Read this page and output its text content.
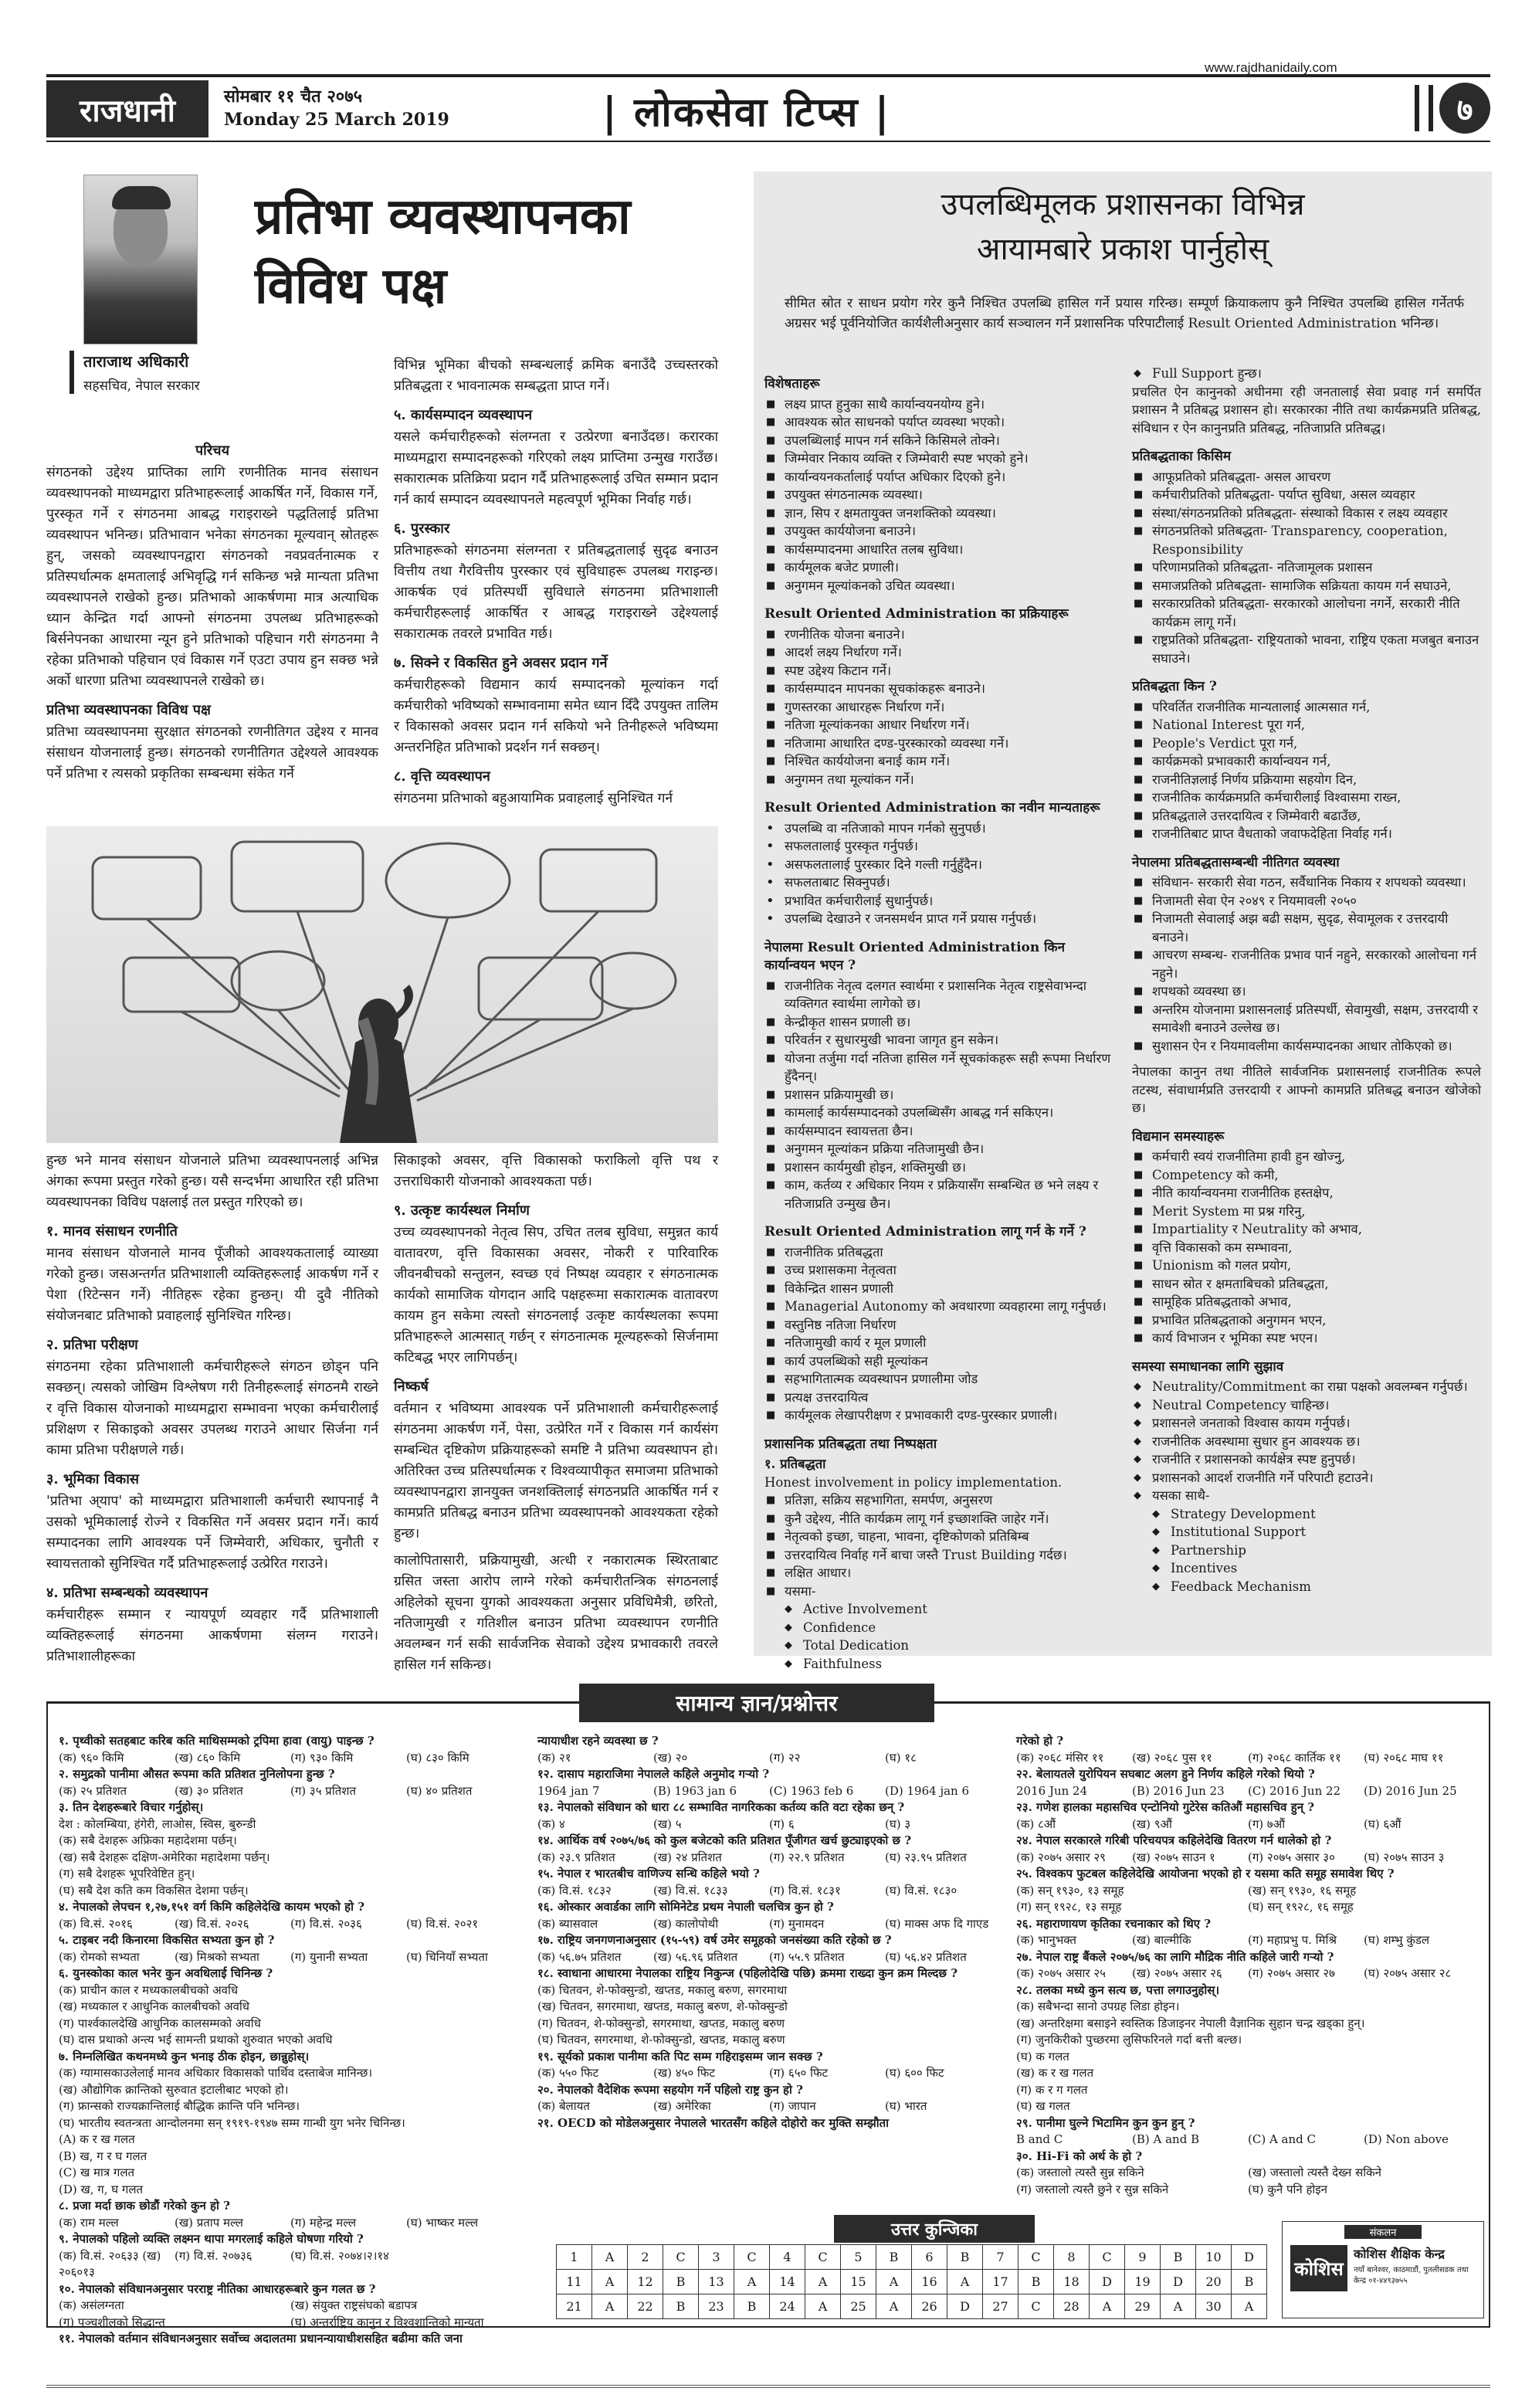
www.rajdhanidaily.com
राजधानी	सोमबार ११ चैत २०७५
Monday 25 March 2019	| लोकसेवा टिप्स |	७
प्रतिभा व्यवस्थापनका
विविध पक्ष
ताराजाथ अधिकारी
सहसचिव, नेपाल सरकार
परिचय

संगठनको उद्देश्य प्राप्तिका लागि रणनीतिक मानव संसाधन व्यवस्थापनको माध्यमद्वारा प्रतिभाहरूलाई आकर्षित गर्ने, विकास गर्ने, पुरस्कृत गर्ने र संगठनमा आबद्ध गराइराख्ने पद्धतिलाई प्रतिभा व्यवस्थापन भनिन्छ। प्रतिभावान भनेका संगठनका मूल्यवान् स्रोतहरू हुन्, जसको व्यवस्थापनद्वारा संगठनको नवप्रवर्तनात्मक र प्रतिस्पर्धात्मक क्षमतालाई अभिवृद्धि गर्न सकिन्छ भन्ने मान्यता प्रतिभा व्यवस्थापनले राखेको हुन्छ। प्रतिभाको आकर्षणमा मात्र अत्याधिक ध्यान केन्द्रित गर्दा आफ्नो संगठनमा उपलब्ध प्रतिभाहरूको बिर्सनेपनका आधारमा न्यून हुने प्रतिभाको पहिचान गरी संगठनमा नै रहेका प्रतिभाको पहिचान एवं विकास गर्ने एउटा उपाय हुन सक्छ भन्ने अर्को धारणा प्रतिभा व्यवस्थापनले राखेको छ।

प्रतिभा व्यवस्थापनका विविध पक्ष

प्रतिभा व्यवस्थापनमा सुरक्षात संगठनको रणनीतिगत उद्देश्य र मानव संसाधन योजनालाई हुन्छ। संगठनको रणनीतिगत उद्देश्यले आवश्यक पर्ने प्रतिभा र त्यसको प्रकृतिका सम्बन्धमा संकेत गर्ने

विभिन्न भूमिका बीचको सम्बन्धलाई क्रमिक बनाउँदै उच्चस्तरको प्रतिबद्धता र भावनात्मक सम्बद्धता प्राप्त गर्ने।

५. कार्यसम्पादन व्यवस्थापन

यसले कर्मचारीहरूको संलग्नता र उत्प्रेरणा बनाउँदछ। करारका माध्यमद्वारा सम्पादनहरूको गरिएको लक्ष्य प्राप्तिमा उन्मुख गराउँछ। सकारात्मक प्रतिक्रिया प्रदान गर्दै प्रतिभाहरूलाई उचित सम्मान प्रदान गर्न कार्य सम्पादन व्यवस्थापनले महत्वपूर्ण भूमिका निर्वाह गर्छ।

६. पुरस्कार

प्रतिभाहरूको संगठनमा संलग्नता र प्रतिबद्धतालाई सुदृढ बनाउन वित्तीय तथा गैरवित्तीय पुरस्कार एवं सुविधाहरू उपलब्ध गराइन्छ। आकर्षक एवं प्रतिस्पर्धी सुविधाले संगठनमा प्रतिभाशाली कर्मचारीहरूलाई आकर्षित र आबद्ध गराइराख्ने उद्देश्यलाई सकारात्मक तवरले प्रभावित गर्छ।

७. सिक्ने र विकसित हुने अवसर प्रदान गर्ने

कर्मचारीहरूको विद्यमान कार्य सम्पादनको मूल्यांकन गर्दा कर्मचारीको भविष्यको सम्भावनामा समेत ध्यान दिँदै उपयुक्त तालिम र विकासको अवसर प्रदान गर्न सकियो भने तिनीहरूले भविष्यमा अन्तरनिहित प्रतिभाको प्रदर्शन गर्न सक्छन्।

८. वृत्ति व्यवस्थापन

संगठनमा प्रतिभाको बहुआयामिक प्रवाहलाई सुनिश्चित गर्न

हुन्छ भने मानव संसाधन योजनाले प्रतिभा व्यवस्थापनलाई अभिन्न अंगका रूपमा प्रस्तुत गरेको हुन्छ। यसै सन्दर्भमा आधारित रही प्रतिभा व्यवस्थापनका विविध पक्षलाई तल प्रस्तुत गरिएको छ।

१. मानव संसाधन रणनीति

मानव संसाधन योजनाले मानव पूँजीको आवश्यकतालाई व्याख्या गरेको हुन्छ। जसअन्तर्गत प्रतिभाशाली व्यक्तिहरूलाई आकर्षण गर्ने र पेशा (रिटेन्सन गर्ने) नीतिहरू रहेका हुन्छन्। यी दुवै नीतिको संयोजनबाट प्रतिभाको प्रवाहलाई सुनिश्चित गरिन्छ।

२. प्रतिभा परीक्षण

संगठनमा रहेका प्रतिभाशाली कर्मचारीहरूले संगठन छोड्न पनि सक्छन्। त्यसको जोखिम विश्लेषण गरी तिनीहरूलाई संगठनमै राख्ने र वृत्ति विकास योजनाको माध्यमद्वारा सम्भावना भएका कर्मचारीलाई प्रशिक्षण र सिकाइको अवसर उपलब्ध गराउने आधार सिर्जना गर्न कामा प्रतिभा परीक्षणले गर्छ।

३. भूमिका विकास

'प्रतिभा अ्याप' को माध्यमद्वारा प्रतिभाशाली कर्मचारी स्थापनाई नै उसको भूमिकालाई रोज्ने र विकसित गर्ने अवसर प्रदान गर्ने। कार्य सम्पादनका लागि आवश्यक पर्ने जिम्मेवारी, अधिकार, चुनौती र स्वायत्तताको सुनिश्चित गर्दै प्रतिभाहरूलाई उत्प्रेरित गराउने।

४. प्रतिभा सम्बन्धको व्यवस्थापन

कर्मचारीहरू सम्मान र न्यायपूर्ण व्यवहार गर्दै प्रतिभाशाली व्यक्तिहरूलाई संगठनमा आकर्षणमा संलग्न गराउने। प्रतिभाशालीहरूका

सिकाइको अवसर, वृत्ति विकासको फराकिलो वृत्ति पथ र उत्तराधिकारी योजनाको आवश्यकता पर्छ।

९. उत्कृष्ट कार्यस्थल निर्माण

उच्च व्यवस्थापनको नेतृत्व सिप, उचित तलब सुविधा, समुन्नत कार्य वातावरण, वृत्ति विकासका अवसर, नोकरी र पारिवारिक जीवनबीचको सन्तुलन, स्वच्छ एवं निष्पक्ष व्यवहार र संगठनात्मक कार्यको सामाजिक योगदान आदि पक्षहरूमा सकारात्मक वातावरण कायम हुन सकेमा त्यस्तो संगठनलाई उत्कृष्ट कार्यस्थलका रूपमा प्रतिभाहरूले आत्मसात् गर्छन् र संगठनात्मक मूल्यहरूको सिर्जनामा कटिबद्ध भएर लागिपर्छन्।

निष्कर्ष

वर्तमान र भविष्यमा आवश्यक पर्ने प्रतिभाशाली कर्मचारीहरूलाई संगठनमा आकर्षण गर्ने, पेसा, उत्प्रेरित गर्ने र विकास गर्न कार्यसंग सम्बन्धित दृष्टिकोण प्रक्रियाहरूको समष्टि नै प्रतिभा व्यवस्थापन हो। अतिरिक्त उच्च प्रतिस्पर्धात्मक र विश्वव्यापीकृत समाजमा प्रतिभाको व्यवस्थापनद्वारा ज्ञानयुक्त जनशक्तिलाई संगठनप्रति आकर्षित गर्न र कामप्रति प्रतिबद्ध बनाउन प्रतिभा व्यवस्थापनको आवश्यकता रहेको हुन्छ।

कालोपितासारी, प्रक्रियामुखी, अत्धी र नकारात्मक स्थिरताबाट ग्रसित जस्ता आरोप लाग्ने गरेको कर्मचारीतन्त्रिक संगठनलाई अहिलेको सूचना युगको आवश्यकता अनुसार प्रविधिमैत्री, छरितो, नतिजामुखी र गतिशील बनाउन प्रतिभा व्यवस्थापन रणनीति अवलम्बन गर्न सकी सार्वजनिक सेवाको उद्देश्य प्रभावकारी तवरले हासिल गर्न सकिन्छ।

उपलब्धिमूलक प्रशासनका विभिन्न
आयामबारे प्रकाश पार्नुहोस्
सीमित स्रोत र साधन प्रयोग गरेर कुनै निश्चित उपलब्धि हासिल गर्ने प्रयास गरिन्छ। सम्पूर्ण क्रियाकलाप कुनै निश्चित उपलब्धि हासिल गर्नेतर्फ अग्रसर भई पूर्वनियोजित कार्यशैलीअनुसार कार्य सञ्चालन गर्ने प्रशासनिक परिपाटीलाई Result Oriented Administration भनिन्छ।
विशेषताहरू
■ लक्ष्य प्राप्त हुनुका साथै कार्यान्वयनयोग्य हुने।
■ आवश्यक स्रोत साधनको पर्याप्त व्यवस्था भएको।
■ उपलब्धिलाई मापन गर्न सकिने किसिमले तोक्ने।
■ जिम्मेवार निकाय व्यक्ति र जिम्मेवारी स्पष्ट भएको हुने।
■ कार्यान्वयनकर्तालाई पर्याप्त अधिकार दिएको हुने।
■ उपयुक्त संगठनात्मक व्यवस्था।
■ ज्ञान, सिप र क्षमतायुक्त जनशक्तिको व्यवस्था।
■ उपयुक्त कार्ययोजना बनाउने।
■ कार्यसम्पादनमा आधारित तलब सुविधा।
■ कार्यमूलक बजेट प्रणाली।
■ अनुगमन मूल्यांकनको उचित व्यवस्था।
Result Oriented Administration का प्रक्रियाहरू
■ रणनीतिक योजना बनाउने।
■ आदर्श लक्ष्य निर्धारण गर्ने।
■ स्पष्ट उद्देश्य किटान गर्ने।
■ कार्यसम्पादन मापनका सूचकांकहरू बनाउने।
■ गुणस्तरका आधारहरू निर्धारण गर्ने।
■ नतिजा मूल्यांकनका आधार निर्धारण गर्ने।
■ नतिजामा आधारित दण्ड-पुरस्कारको व्यवस्था गर्ने।
■ निश्चित कार्ययोजना बनाई काम गर्ने।
■ अनुगमन तथा मूल्यांकन गर्ने।
Result Oriented Administration का नवीन मान्यताहरू
• उपलब्धि वा नतिजाको मापन गर्नको सुनुपर्छ।
• सफलतालाई पुरस्कृत गर्नुपर्छ।
• असफलतालाई पुरस्कार दिने गल्ती गर्नुहुँदैन।
• सफलताबाट सिक्नुपर्छ।
• प्रभावित कर्मचारीलाई सुधार्नुपर्छ।
• उपलब्धि देखाउने र जनसमर्थन प्राप्त गर्ने प्रयास गर्नुपर्छ।
नेपालमा Result Oriented Administration किन कार्यान्वयन भएन ?
■ राजनीतिक नेतृत्व दलगत स्वार्थमा र प्रशासनिक नेतृत्व राष्ट्रसेवाभन्दा व्यक्तिगत स्वार्थमा लागेको छ।
■ केन्द्रीकृत शासन प्रणाली छ।
■ परिवर्तन र सुधारमुखी भावना जागृत हुन सकेन।
■ योजना तर्जुमा गर्दा नतिजा हासिल गर्ने सूचकांकहरू सही रूपमा निर्धारण हुँदैनन्।
■ प्रशासन प्रक्रियामुखी छ।
■ कामलाई कार्यसम्पादनको उपलब्धिसँग आबद्ध गर्न सकिएन।
■ कार्यसम्पादन स्वायत्तता छैन।
■ अनुगमन मूल्यांकन प्रक्रिया नतिजामुखी छैन।
■ प्रशासन कार्यमुखी होइन, शक्तिमुखी छ।
■ काम, कर्तव्य र अधिकार नियम र प्रक्रियासँग सम्बन्धित छ भने लक्ष्य र नतिजाप्रति उन्मुख छैन।
Result Oriented Administration लागू गर्न के गर्ने ?
■ राजनीतिक प्रतिबद्धता
■ उच्च प्रशासकमा नेतृत्वता
■ विकेन्द्रित शासन प्रणाली
■ Managerial Autonomy को अवधारणा व्यवहारमा लागू गर्नुपर्छ।
■ वस्तुनिष्ठ नतिजा निर्धारण
■ नतिजामुखी कार्य र मूल प्रणाली
■ कार्य उपलब्धिको सही मूल्यांकन
■ सहभागितात्मक व्यवस्थापन प्रणालीमा जोड
■ प्रत्यक्ष उत्तरदायित्व
■ कार्यमूलक लेखापरीक्षण र प्रभावकारी दण्ड-पुरस्कार प्रणाली।
प्रशासनिक प्रतिबद्धता तथा निष्पक्षता
१. प्रतिबद्धता
Honest involvement in policy implementation.
■ प्रतिज्ञा, सक्रिय सहभागिता, समर्पण, अनुसरण
■ कुनै उद्देश्य, नीति कार्यक्रम लागू गर्न इच्छाशक्ति जाहेर गर्ने।
■ नेतृत्वको इच्छा, चाहना, भावना, दृष्टिकोणको प्रतिबिम्ब
■ उत्तरदायित्व निर्वाह गर्ने बाचा जस्तै Trust Building गर्दछ।
■ लक्षित आधार।
■ यसमा-
◆ Active Involvement
◆ Confidence
◆ Total Dedication
◆ Faithfulness
◆ Full Support हुन्छ।
प्रचलित ऐन कानुनको अधीनमा रही जनतालाई सेवा प्रवाह गर्न समर्पित प्रशासन नै प्रतिबद्ध प्रशासन हो। सरकारका नीति तथा कार्यक्रमप्रति प्रतिबद्ध, संविधान र ऐन कानुनप्रति प्रतिबद्ध, नतिजाप्रति प्रतिबद्ध।
प्रतिबद्धताका किसिम
■ आफूप्रतिको प्रतिबद्धता- असल आचरण
■ कर्मचारीप्रतिको प्रतिबद्धता- पर्याप्त सुविधा, असल व्यवहार
■ संस्था/संगठनप्रतिको प्रतिबद्धता- संस्थाको विकास र लक्ष्य व्यवहार
■ संगठनप्रतिको प्रतिबद्धता- Transparency, cooperation, Responsibility
■ परिणामप्रतिको प्रतिबद्धता- नतिजामूलक प्रशासन
■ समाजप्रतिको प्रतिबद्धता- सामाजिक सक्रियता कायम गर्न सघाउने,
■ सरकारप्रतिको प्रतिबद्धता- सरकारको आलोचना नगर्ने, सरकारी नीति कार्यक्रम लागू गर्ने।
■ राष्ट्रप्रतिको प्रतिबद्धता- राष्ट्रियताको भावना, राष्ट्रिय एकता मजबुत बनाउन सघाउने।
प्रतिबद्धता किन ?
■ परिवर्तित राजनीतिक मान्यतालाई आत्मसात गर्न,
■ National Interest पूरा गर्न,
■ People's Verdict पूरा गर्न,
■ कार्यक्रमको प्रभावकारी कार्यान्वयन गर्न,
■ राजनीतिज्ञलाई निर्णय प्रक्रियामा सहयोग दिन,
■ राजनीतिक कार्यक्रमप्रति कर्मचारीलाई विश्वासमा राख्न,
■ प्रतिबद्धताले उत्तरदायित्व र जिम्मेवारी बढाउँछ,
■ राजनीतिबाट प्राप्त वैधताको जवाफदेहिता निर्वाह गर्न।
नेपालमा प्रतिबद्धतासम्बन्धी नीतिगत व्यवस्था
■ संविधान- सरकारी सेवा गठन, सर्वैधानिक निकाय र शपथको व्यवस्था।
■ निजामती सेवा ऐन २०४९ र नियमावली २०५०
■ निजामती सेवालाई अझ बढी सक्षम, सुदृढ, सेवामूलक र उत्तरदायी बनाउने।
■ आचरण सम्बन्ध- राजनीतिक प्रभाव पार्न नहुने, सरकारको आलोचना गर्न नहुने।
■ शपथको व्यवस्था छ।
■ अन्तरिम योजनामा प्रशासनलाई प्रतिस्पर्धी, सेवामुखी, सक्षम, उत्तरदायी र समावेशी बनाउने उल्लेख छ।
■ सुशासन ऐन र नियमावलीमा कार्यसम्पादनका आधार तोकिएको छ।
नेपालका कानुन तथा नीतिले सार्वजनिक प्रशासनलाई राजनीतिक रूपले तटस्थ, संवाधार्मप्रति उत्तरदायी र आफ्नो कामप्रति प्रतिबद्ध बनाउन खोजेको छ।
विद्यमान समस्याहरू
■ कर्मचारी स्वयं राजनीतिमा हावी हुन खोज्नु,
■ Competency को कमी,
■ नीति कार्यान्वयनमा राजनीतिक हस्तक्षेप,
■ Merit System मा प्रश्न गरिनु,
■ Impartiality र Neutrality को अभाव,
■ वृत्ति विकासको कम सम्भावना,
■ Unionism को गलत प्रयोग,
■ साधन स्रोत र क्षमताबिचको प्रतिबद्धता,
■ सामूहिक प्रतिबद्धताको अभाव,
■ प्रभावित प्रतिबद्धताको अनुगमन भएन,
■ कार्य विभाजन र भूमिका स्पष्ट भएन।
समस्या समाधानका लागि सुझाव
◆ Neutrality/Commitment का राम्रा पक्षको अवलम्बन गर्नुपर्छ।
◆ Neutral Competency चाहिन्छ।
◆ प्रशासनले जनताको विश्वास कायम गर्नुपर्छ।
◆ राजनीतिक अवस्थामा सुधार हुन आवश्यक छ।
◆ राजनीति र प्रशासनको कार्यक्षेत्र स्पष्ट हुनुपर्छ।
◆ प्रशासनको आदर्श राजनीति गर्ने परिपाटी हटाउने।
◆ यसका साथै-
◆ Strategy Development
◆ Institutional Support
◆ Partnership
◆ Incentives
◆ Feedback Mechanism
सामान्य ज्ञान/प्रश्नोत्तर
१. पृथ्वीको सतहबाट करिब कति माथिसम्मको ट्रपिमा हावा (वायु) पाइन्छ ?
(क) ९६० किमि	(ख) ८६० किमि	(ग) ९३० किमि	(घ) ८३० किमि
२. समुद्रको पानीमा औसत रूपमा कति प्रतिशत नुनिलोपना हुन्छ ?
(क) २५ प्रतिशत	(ख) ३० प्रतिशत	(ग) ३५ प्रतिशत	(घ) ४० प्रतिशत
३. तिन देशहरूबारे विचार गर्नुहोस्।
देश : कोलम्बिया, हंगेरी, लाओस, स्विस, बुरुन्डी
(क) सबै देशहरू अफ्रिका महादेशमा पर्छन्।
(ख) सबै देशहरू दक्षिण-अमेरिका महादेशमा पर्छन्।
(ग) सबै देशहरू भूपरिवेष्टित हुन्।
(घ) सबै देश कति कम विकसित देशमा पर्छन्।
४. नेपालको लेपचन १,२७,१५१ वर्ग किमि कहिलेदेखि कायम भएको हो ?
(क) वि.सं. २०१६	(ख) वि.सं. २०२६	(ग) वि.सं. २०३६	(घ) वि.सं. २०२१
५. टाइबर नदी किनारमा विकसित सभ्यता कुन हो ?
(क) रोमको सभ्यता	(ख) मिश्रको सभ्यता	(ग) युनानी सभ्यता	(घ) चिनियाँ सभ्यता
६. युनस्कोका काल भनेर कुन अवधिलाई चिनिन्छ ?
(क) प्राचीन काल र मध्यकालबीचको अवधि
(ख) मध्यकाल र आधुनिक कालबीचको अवधि
(ग) पार्श्वकालदेखि आधुनिक कालसम्मको अवधि
(घ) दास प्रथाको अन्त्य भई सामन्ती प्रथाको शुरुवात भएको अवधि
७. निम्नलिखित कथनमध्ये कुन भनाइ ठीक होइन, छान्नुहोस्।
(क) ग्यामासकाउलेलाई मानव अधिकार विकासको पार्थिव दस्ताबेज मानिन्छ।
(ख) औद्योगिक क्रान्तिको सुरुवात इटालीबाट भएको हो।
(ग) फ्रान्सको राज्यक्रान्तिलाई बौद्धिक क्रान्ति पनि भनिन्छ।
(घ) भारतीय स्वतन्त्रता आन्दोलनमा सन् १९१९-१९४७ सम्म गान्धी युग भनेर चिनिन्छ।
(A) क र ख गलत
(B) ख, ग र घ गलत
(C) ख मात्र गलत
(D) ख, ग, घ गलत
८. प्रजा मर्दा छाक छोडौं गरेको कुन हो ?
(क) राम मल्ल	(ख) प्रताप मल्ल	(ग) महेन्द्र मल्ल	(घ) भाष्कर मल्ल
९. नेपालको पहिलो व्यक्ति लक्ष्मन थापा मगरलाई कहिले घोषणा गरियो ?
(क) वि.सं. २०६३३ (ख) २०६०१३
(ग) वि.सं. २०७३६	(घ) वि.सं. २०७४।२।१४
१०. नेपालको संविधानअनुसार परराष्ट्र नीतिका आधारहरूबारे कुन गलत छ ?
(क) असंलग्नता	(ख) संयुक्त राष्ट्रसंघको बडापत्र
(ग) पञ्चशीलको सिद्धान्त	(घ) अन्तर्राष्ट्रिय कानुन र विश्वशान्तिको मान्यता
११. नेपालको वर्तमान संविधानअनुसार सर्वोच्च अदालतमा प्रधानन्यायाधीशसहित बढीमा कति जना
न्यायाधीश रहने व्यवस्था छ ?
(क) २१	(ख) २०	(ग) २२	(घ) १८
१२. दासाप महाराजिमा नेपालले कहिले अनुमोद गर्‍यो ?
1964 jan 7	(B) 1963 jan 6	(C) 1963 feb 6	(D) 1964 jan 6
१३. नेपालको संविधान को धारा ८८ सम्भावित नागरिकका कर्तव्य कति वटा रहेका छन् ?
(क) ४	(ख) ५	(ग) ६	(घ) ३
१४. आर्थिक वर्ष २०७५/७६ को कुल बजेटको कति प्रतिशत पूँजीगत खर्च छुट्याइएको छ ?
(क) २३.९ प्रतिशत	(ख) २४ प्रतिशत	(ग) २२.९ प्रतिशत	(घ) २३.९५ प्रतिशत
१५. नेपाल र भारतबीच वाणिज्य सन्धि कहिले भयो ?
(क) वि.सं. १८३२	(ख) वि.सं. १८३३	(ग) वि.सं. १८३१	(घ) वि.सं. १८३०
१६. ओस्कार अवार्डका लागि सोमिनेटेड प्रथम नेपाली चलचित्र कुन हो ?
(क) ब्यासवाल	(ख) कालोपोथी	(ग) मुनामदन	(घ) माक्स अफ दि गाएड
१७. राष्ट्रिय जनगणनाअनुसार (१५-५९) वर्ष उमेर समूहको जनसंख्या कति रहेको छ ?
(क) ५६.७५ प्रतिशत	(ख) ५६.९६ प्रतिशत	(ग) ५५.९ प्रतिशत	(घ) ५६.४२ प्रतिशत
१८. स्वाधाना आधारमा नेपालका राष्ट्रिय निकुन्ज (पहिलोदेखि पछि) क्रममा राख्दा कुन क्रम मिल्दछ ?
(क) चितवन, शे-फोक्सुन्डो, खप्तड, मकालु बरुण, सगरमाथा
(ख) चितवन, सगरमाथा, खप्तड, मकालु बरुण, शे-फोक्सुन्डो
(ग) चितवन, शे-फोक्सुन्डो, सगरमाथा, खप्तड, मकालु बरुण
(घ) चितवन, सगरमाथा, शे-फोक्सुन्डो, खप्तड, मकालु बरुण
१९. सूर्यको प्रकाश पानीमा कति पिट सम्म गहिराइसम्म जान सक्छ ?
(क) ५५० फिट	(ख) ४५० फिट	(ग) ६५० फिट	(घ) ६०० फिट
२०. नेपालको वैदेशिक रूपमा सहयोग गर्ने पहिलो राष्ट्र कुन हो ?
(क) बेलायत	(ख) अमेरिका	(ग) जापान	(घ) भारत
२१. OECD को मोडेलअनुसार नेपालले भारतसँग कहिले दोहोरो कर मुक्ति सम्झौता
गरेको हो ?
(क) २०६८ मंसिर ११	(ख) २०६८ पुस ११	(ग) २०६८ कार्तिक ११	(घ) २०६८ माघ ११
२२. बेलायतले युरोपियन सघबाट अलग हुने निर्णय कहिले गरेको थियो ?
2016 Jun 24	(B) 2016 Jun 23	(C) 2016 Jun 22	(D) 2016 Jun 25
२३. गणेश हालका महासचिव एन्टोनियो गुटेरेस कतिऔं महासचिव हुन् ?
(क) ८औं	(ख) ९औं	(ग) ७औं	(घ) ६औं
२४. नेपाल सरकारले गरिबी परिचयपत्र कहिलेदेखि वितरण गर्न थालेको हो ?
(क) २०७५ असार २९	(ख) २०७५ साउन १	(ग) २०७५ असार ३०	(घ) २०७५ साउन ३
२५. विश्वकप फुटबल कहिलेदेखि आयोजना भएको हो र यसमा कति समूह समावेश थिए ?
(क) सन् १९३०, १३ समूह	(ख) सन् १९३०, १६ समूह
(ग) सन् १९२८, १३ समूह	(घ) सन् १९२८, १६ समूह
२६. महाराणायण कृतिका रचनाकार को थिए ?
(क) भानुभक्त	(ख) बाल्मीकि	(ग) महाप्रभु प. मिश्रि	(घ) शम्भु कुंडल
२७. नेपाल राष्ट्र बैंकले २०७५/७६ का लागि मौद्रिक नीति कहिले जारी गर्‍यो ?
(क) २०७५ असार २५	(ख) २०७५ असार २६	(ग) २०७५ असार २७	(घ) २०७५ असार २८
२८. तलका मध्ये कुन सत्य छ, पत्ता लगाउनुहोस्।
(क) सबैभन्दा सानो उपग्रह लिडा होइन।
(ख) अन्तरिक्षमा बसाइने स्वस्तिक डिजाइनर नेपाली वैज्ञानिक सुहान चन्द्र खड्का हुन्।
(ग) जुनकिरीको पुच्छरमा लुसिफरिनले गर्दा बत्ती बल्छ।
(घ) क गलत
(ख) क र ख गलत
(ग) क र ग गलत
(घ) ख गलत
२९. पानीमा घुल्ने भिटामिन कुन कुन हुन् ?
B and C	(B) A and B	(C) A and C	(D) Non above
३०. Hi-Fi को अर्थ के हो ?
(क) जस्तालो त्यस्तै सुन्न सकिने	(ख) जस्तालो त्यस्तै देख्न सकिने
(ग) जस्तालो त्यस्तै छुने र सुन्न सकिने	(घ) कुनै पनि होइन
उत्तर कुन्जिका
1	A	2	C	3	C	4	C	5	B	6	B	7	C	8	C	9	B	10	D
11	A	12	B	13	A	14	A	15	A	16	A	17	B	18	D	19	D	20	B
21	A	22	B	23	B	24	A	25	A	26	D	27	C	28	A	29	A	30	A
संकलन
कोशिस
कोशिस शैक्षिक केन्द्र
नयाँ बानेश्वर, काठमाडौं, पुतलीसडक तथा केन्द्र ०१-४४९३७५५
